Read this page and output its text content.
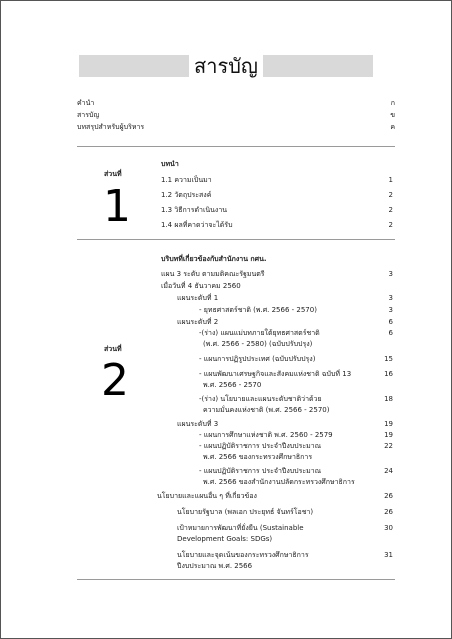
สารบัญ
คำนำ	ก
สารบัญ	ข
บทสรุปสำหรับผู้บริหาร	ค
ส่วนที่
1
บทนำ
1.1 ความเป็นมา	1
1.2 วัตถุประสงค์	2
1.3 วิธีการดำเนินงาน	2
1.4 ผลที่คาดว่าจะได้รับ	2
ส่วนที่
2
บริบทที่เกี่ยวข้องกับสำนักงาน กศน.
แผน 3 ระดับ ตามมติคณะรัฐมนตรี	3
เมื่อวันที่ 4 ธันวาคม 2560
แผนระดับที่ 1	3
- ยุทธศาสตร์ชาติ (พ.ศ. 2566 - 2570)	3
แผนระดับที่ 2	6
-(ร่าง) แผนแม่บทภายใต้ยุทธศาสตร์ชาติ	6
(พ.ศ. 2566 - 2580) (ฉบับปรับปรุง)
- แผนการปฏิรูปประเทศ (ฉบับปรับปรุง)	15
- แผนพัฒนาเศรษฐกิจและสังคมแห่งชาติ ฉบับที่ 13	16
พ.ศ. 2566 - 2570
-(ร่าง) นโยบายและแผนระดับชาติว่าด้วย	18
ความมั่นคงแห่งชาติ (พ.ศ. 2566 - 2570)
แผนระดับที่ 3	19
- แผนการศึกษาแห่งชาติ พ.ศ. 2560 - 2579	19
- แผนปฏิบัติราชการ ประจำปีงบประมาณ	22
พ.ศ. 2566 ของกระทรวงศึกษาธิการ
- แผนปฏิบัติราชการ ประจำปีงบประมาณ	24
พ.ศ. 2566 ของสำนักงานปลัดกระทรวงศึกษาธิการ
นโยบายและแผนอื่น ๆ ที่เกี่ยวข้อง	26
นโยบายรัฐบาล (พลเอก ประยุทธ์ จันทร์โอชา)	26
เป้าหมายการพัฒนาที่ยั่งยืน (Sustainable	30
Development Goals: SDGs)
นโยบายและจุดเน้นของกระทรวงศึกษาธิการ	31
ปีงบประมาณ พ.ศ. 2566
